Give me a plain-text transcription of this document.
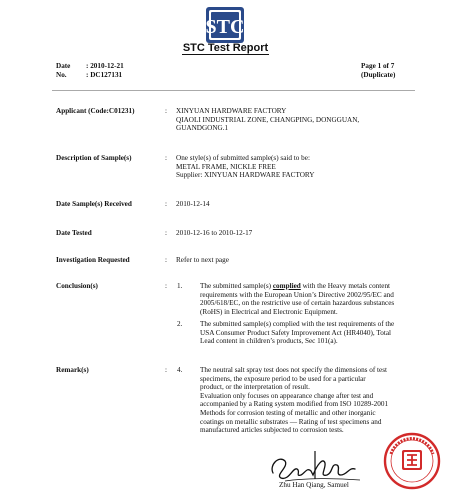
STC
STC Test Report
Date : 2010-12-21
No.	: DC127131
Page 1 of 7
(Duplicate)
Applicant (Code:C01231)	: XINYUAN HARDWARE FACTORY
QIAOLI INDUSTRIAL ZONE, CHANGPING, DONGGUAN,
GUANDGONG.1
Description of Sample(s)	: One style(s) of submitted sample(s) said to be:
METAL FRAME, NICKLE FREE
Supplier: XINYUAN HARDWARE FACTORY
Date Sample(s) Received	: 2010-12-14
Date Tested	: 2010-12-16 to 2010-12-17
Investigation Requested	: Refer to next page
Conclusion(s)	: 1. The submitted sample(s) complied with the Heavy metals content
requirements with the European Union’s Directive 2002/95/EC and
2005/618/EC, on the restrictive use of certain hazardous substances
(RoHS) in Electrical and Electronic Equipment.
2. The submitted sample(s) complied with the test requirements of the
USA Consumer Product Safety Improvement Act (HR4040), Total
Lead content in children’s products, Sec 101(a).
Remark(s)	: 4. The neutral salt spray test does not specify the dimensions of test
specimens, the exposure period to be used for a particular
product, or the interpretation of result.
Evaluation only focuses on appearance change after test and
accompanied by a Rating system modified from ISO 10289-2001
Methods for corrosion testing of metallic and other inorganic
coatings on metallic substrates — Rating of test specimens and
manufactured articles subjected to corrosion tests.
Zhu Han Qiang, Samuel
